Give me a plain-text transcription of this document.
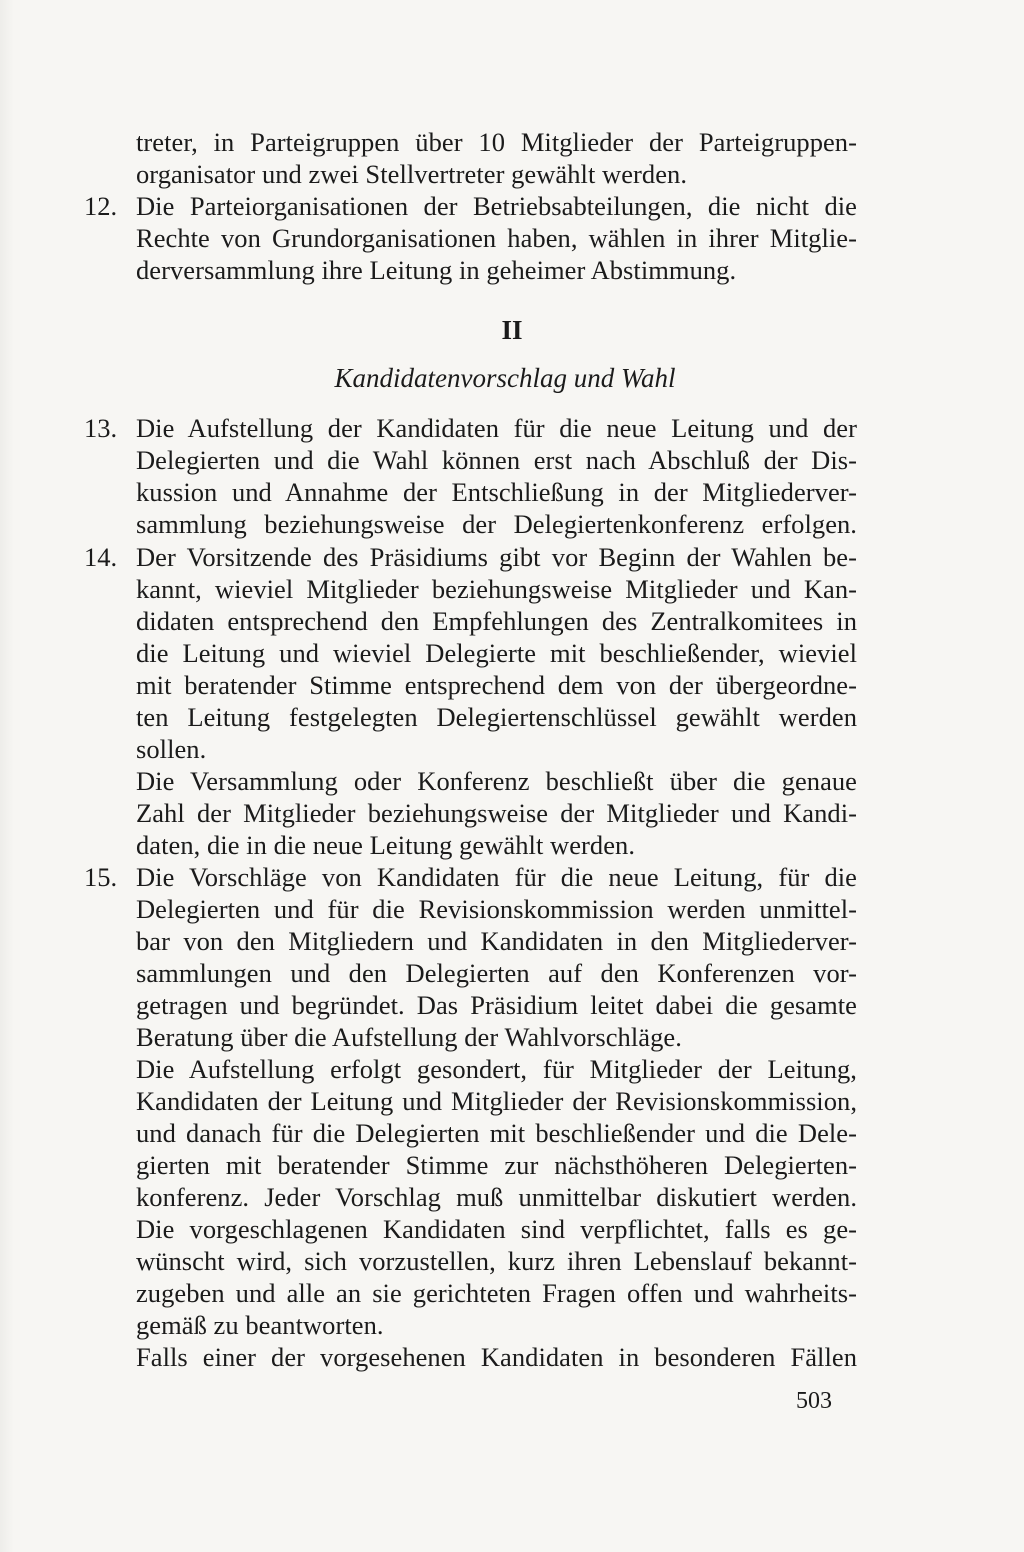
treter, in Parteigruppen über 10 Mitglieder der Parteigruppen-
organisator und zwei Stellvertreter gewählt werden.
12. Die Parteiorganisationen der Betriebsabteilungen, die nicht die
Rechte von Grundorganisationen haben, wählen in ihrer Mitglie-
derversammlung ihre Leitung in geheimer Abstimmung.
II
Kandidatenvorschlag und Wahl
13. Die Aufstellung der Kandidaten für die neue Leitung und der
Delegierten und die Wahl können erst nach Abschluß der Dis-
kussion und Annahme der Entschließung in der Mitgliederver-
sammlung beziehungsweise der Delegiertenkonferenz erfolgen.
14. Der Vorsitzende des Präsidiums gibt vor Beginn der Wahlen be-
kannt, wieviel Mitglieder beziehungsweise Mitglieder und Kan-
didaten entsprechend den Empfehlungen des Zentralkomitees in
die Leitung und wieviel Delegierte mit beschließender, wieviel
mit beratender Stimme entsprechend dem von der übergeordne-
ten Leitung festgelegten Delegiertenschlüssel gewählt werden
sollen.
Die Versammlung oder Konferenz beschließt über die genaue
Zahl der Mitglieder beziehungsweise der Mitglieder und Kandi-
daten, die in die neue Leitung gewählt werden.
15. Die Vorschläge von Kandidaten für die neue Leitung, für die
Delegierten und für die Revisionskommission werden unmittel-
bar von den Mitgliedern und Kandidaten in den Mitgliederver-
sammlungen und den Delegierten auf den Konferenzen vor-
getragen und begründet. Das Präsidium leitet dabei die gesamte
Beratung über die Aufstellung der Wahlvorschläge.
Die Aufstellung erfolgt gesondert, für Mitglieder der Leitung,
Kandidaten der Leitung und Mitglieder der Revisionskommission,
und danach für die Delegierten mit beschließender und die Dele-
gierten mit beratender Stimme zur nächsthöheren Delegierten-
konferenz. Jeder Vorschlag muß unmittelbar diskutiert werden.
Die vorgeschlagenen Kandidaten sind verpflichtet, falls es ge-
wünscht wird, sich vorzustellen, kurz ihren Lebenslauf bekannt-
zugeben und alle an sie gerichteten Fragen offen und wahrheits-
gemäß zu beantworten.
Falls einer der vorgesehenen Kandidaten in besonderen Fällen
503
